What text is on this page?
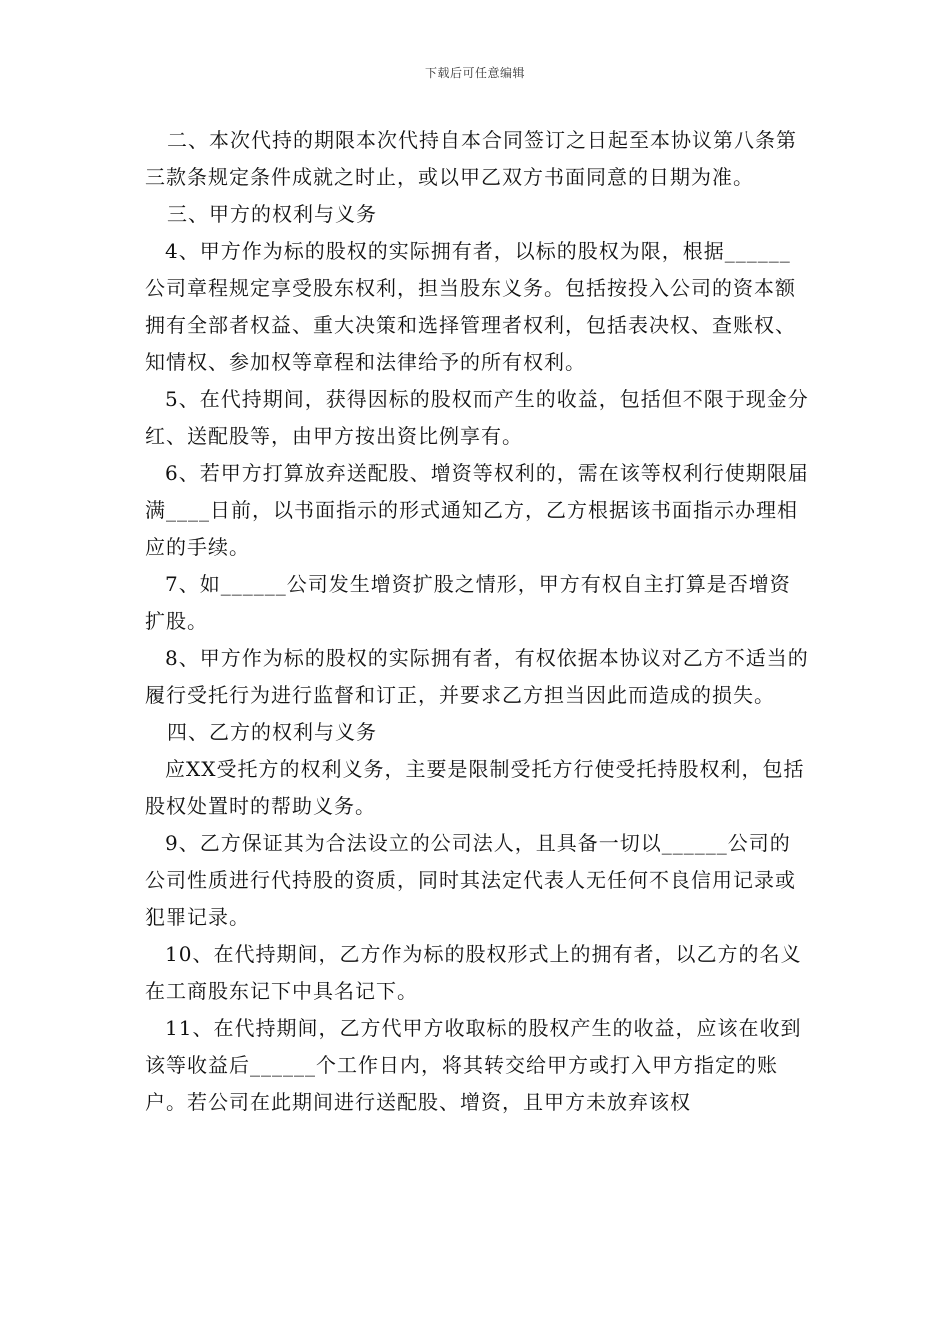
下载后可任意编辑

二、本次代持的期限本次代持自本合同签订之日起至本协议第八条第三款条规定条件成就之时止，或以甲乙双方书面同意的日期为准。

三、甲方的权利与义务

4、甲方作为标的股权的实际拥有者，以标的股权为限，根据______公司章程规定享受股东权利，担当股东义务。包括按投入公司的资本额拥有全部者权益、重大决策和选择管理者权利，包括表决权、查账权、知情权、参加权等章程和法律给予的所有权利。

5、在代持期间，获得因标的股权而产生的收益，包括但不限于现金分红、送配股等，由甲方按出资比例享有。

6、若甲方打算放弃送配股、增资等权利的，需在该等权利行使期限届满____日前，以书面指示的形式通知乙方，乙方根据该书面指示办理相应的手续。

7、如______公司发生增资扩股之情形，甲方有权自主打算是否增资扩股。

8、甲方作为标的股权的实际拥有者，有权依据本协议对乙方不适当的履行受托行为进行监督和订正，并要求乙方担当因此而造成的损失。

四、乙方的权利与义务

应XX受托方的权利义务，主要是限制受托方行使受托持股权利，包括股权处置时的帮助义务。

9、乙方保证其为合法设立的公司法人，且具备一切以______公司的公司性质进行代持股的资质，同时其法定代表人无任何不良信用记录或犯罪记录。

10、在代持期间，乙方作为标的股权形式上的拥有者，以乙方的名义在工商股东记下中具名记下。

11、在代持期间，乙方代甲方收取标的股权产生的收益，应该在收到该等收益后______个工作日内，将其转交给甲方或打入甲方指定的账户。若公司在此期间进行送配股、增资，且甲方未放弃该权
